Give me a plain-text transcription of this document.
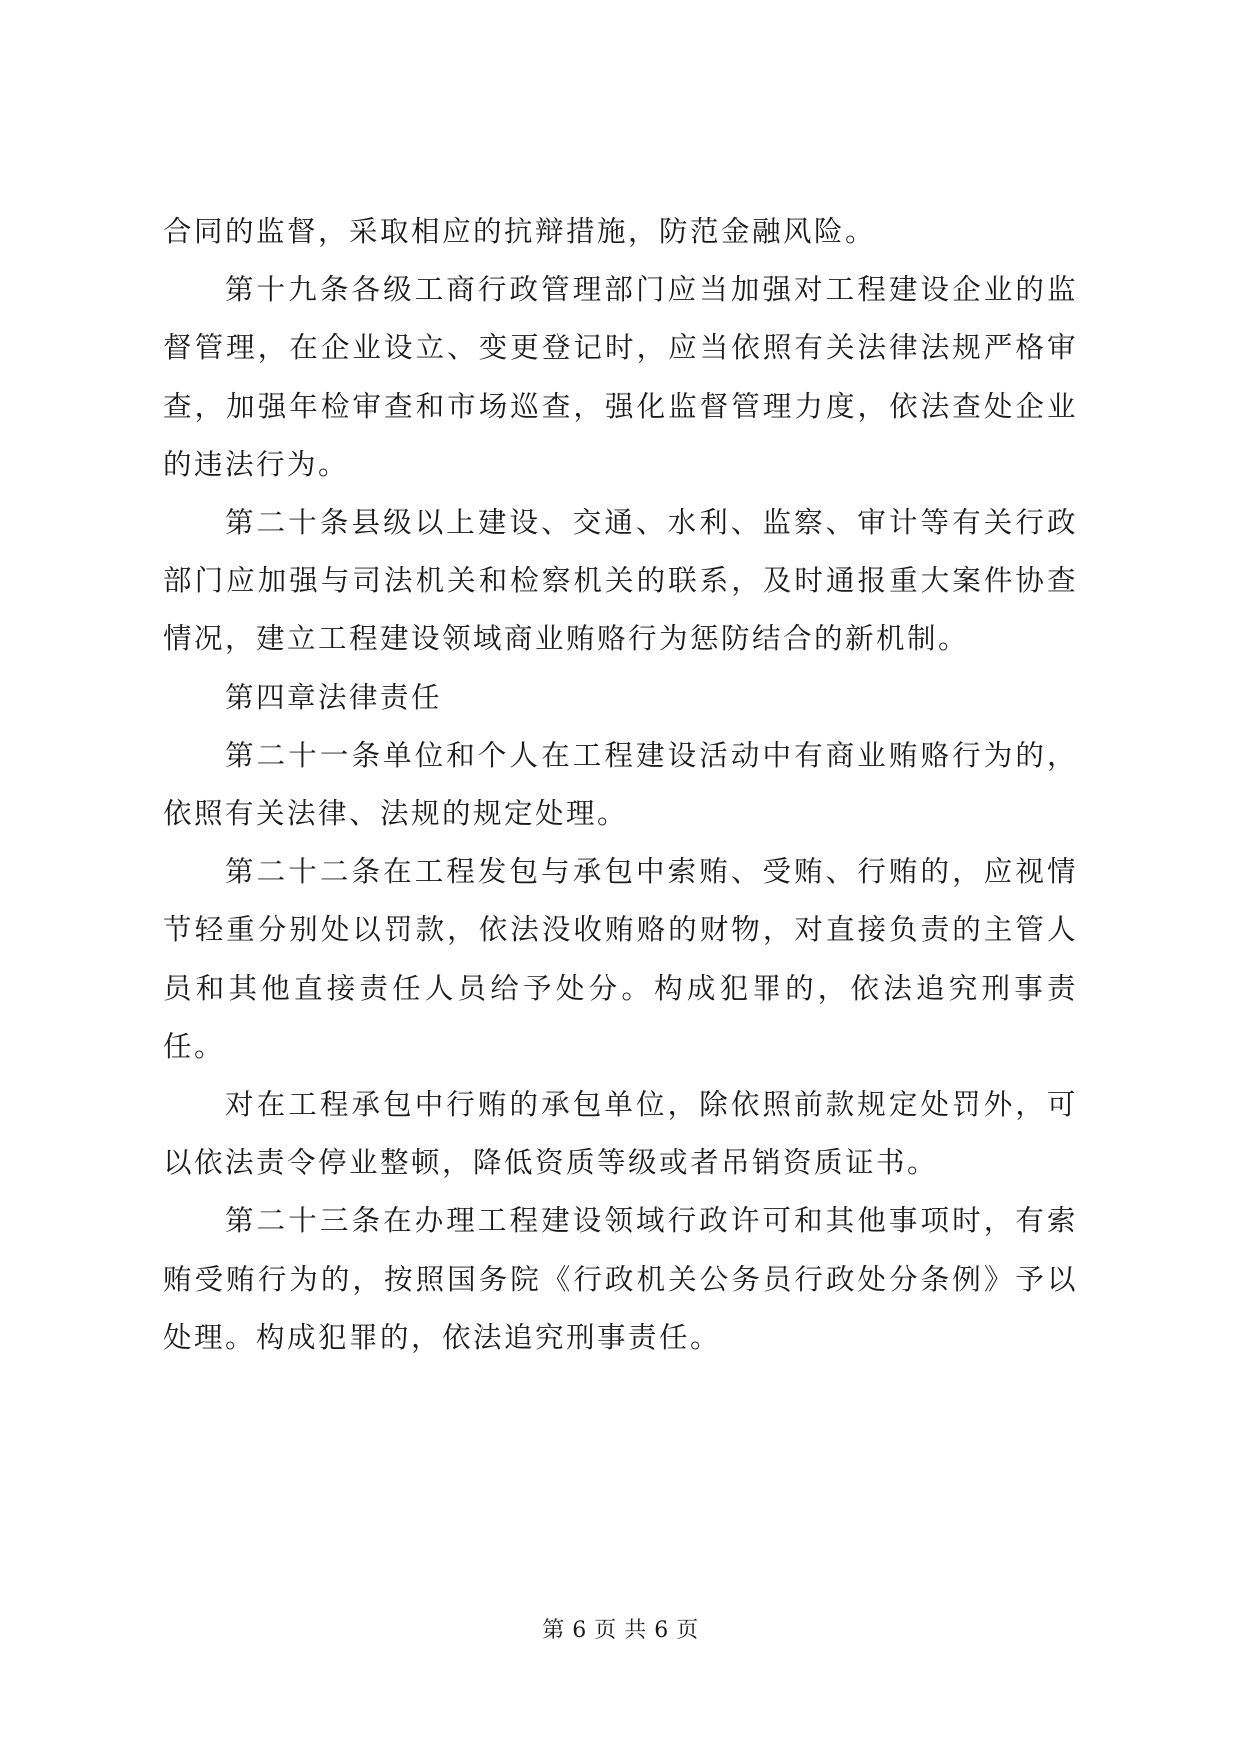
合同的监督，采取相应的抗辩措施，防范金融风险。

第十九条各级工商行政管理部门应当加强对工程建设企业的监督管理，在企业设立、变更登记时，应当依照有关法律法规严格审查，加强年检审查和市场巡查，强化监督管理力度，依法查处企业的违法行为。

第二十条县级以上建设、交通、水利、监察、审计等有关行政部门应加强与司法机关和检察机关的联系，及时通报重大案件协查情况，建立工程建设领域商业贿赂行为惩防结合的新机制。

第四章法律责任

第二十一条单位和个人在工程建设活动中有商业贿赂行为的，依照有关法律、法规的规定处理。

第二十二条在工程发包与承包中索贿、受贿、行贿的，应视情节轻重分别处以罚款，依法没收贿赂的财物，对直接负责的主管人员和其他直接责任人员给予处分。构成犯罪的，依法追究刑事责任。

对在工程承包中行贿的承包单位，除依照前款规定处罚外，可以依法责令停业整顿，降低资质等级或者吊销资质证书。

第二十三条在办理工程建设领域行政许可和其他事项时，有索贿受贿行为的，按照国务院《行政机关公务员行政处分条例》予以处理。构成犯罪的，依法追究刑事责任。

第 6 页 共 6 页
